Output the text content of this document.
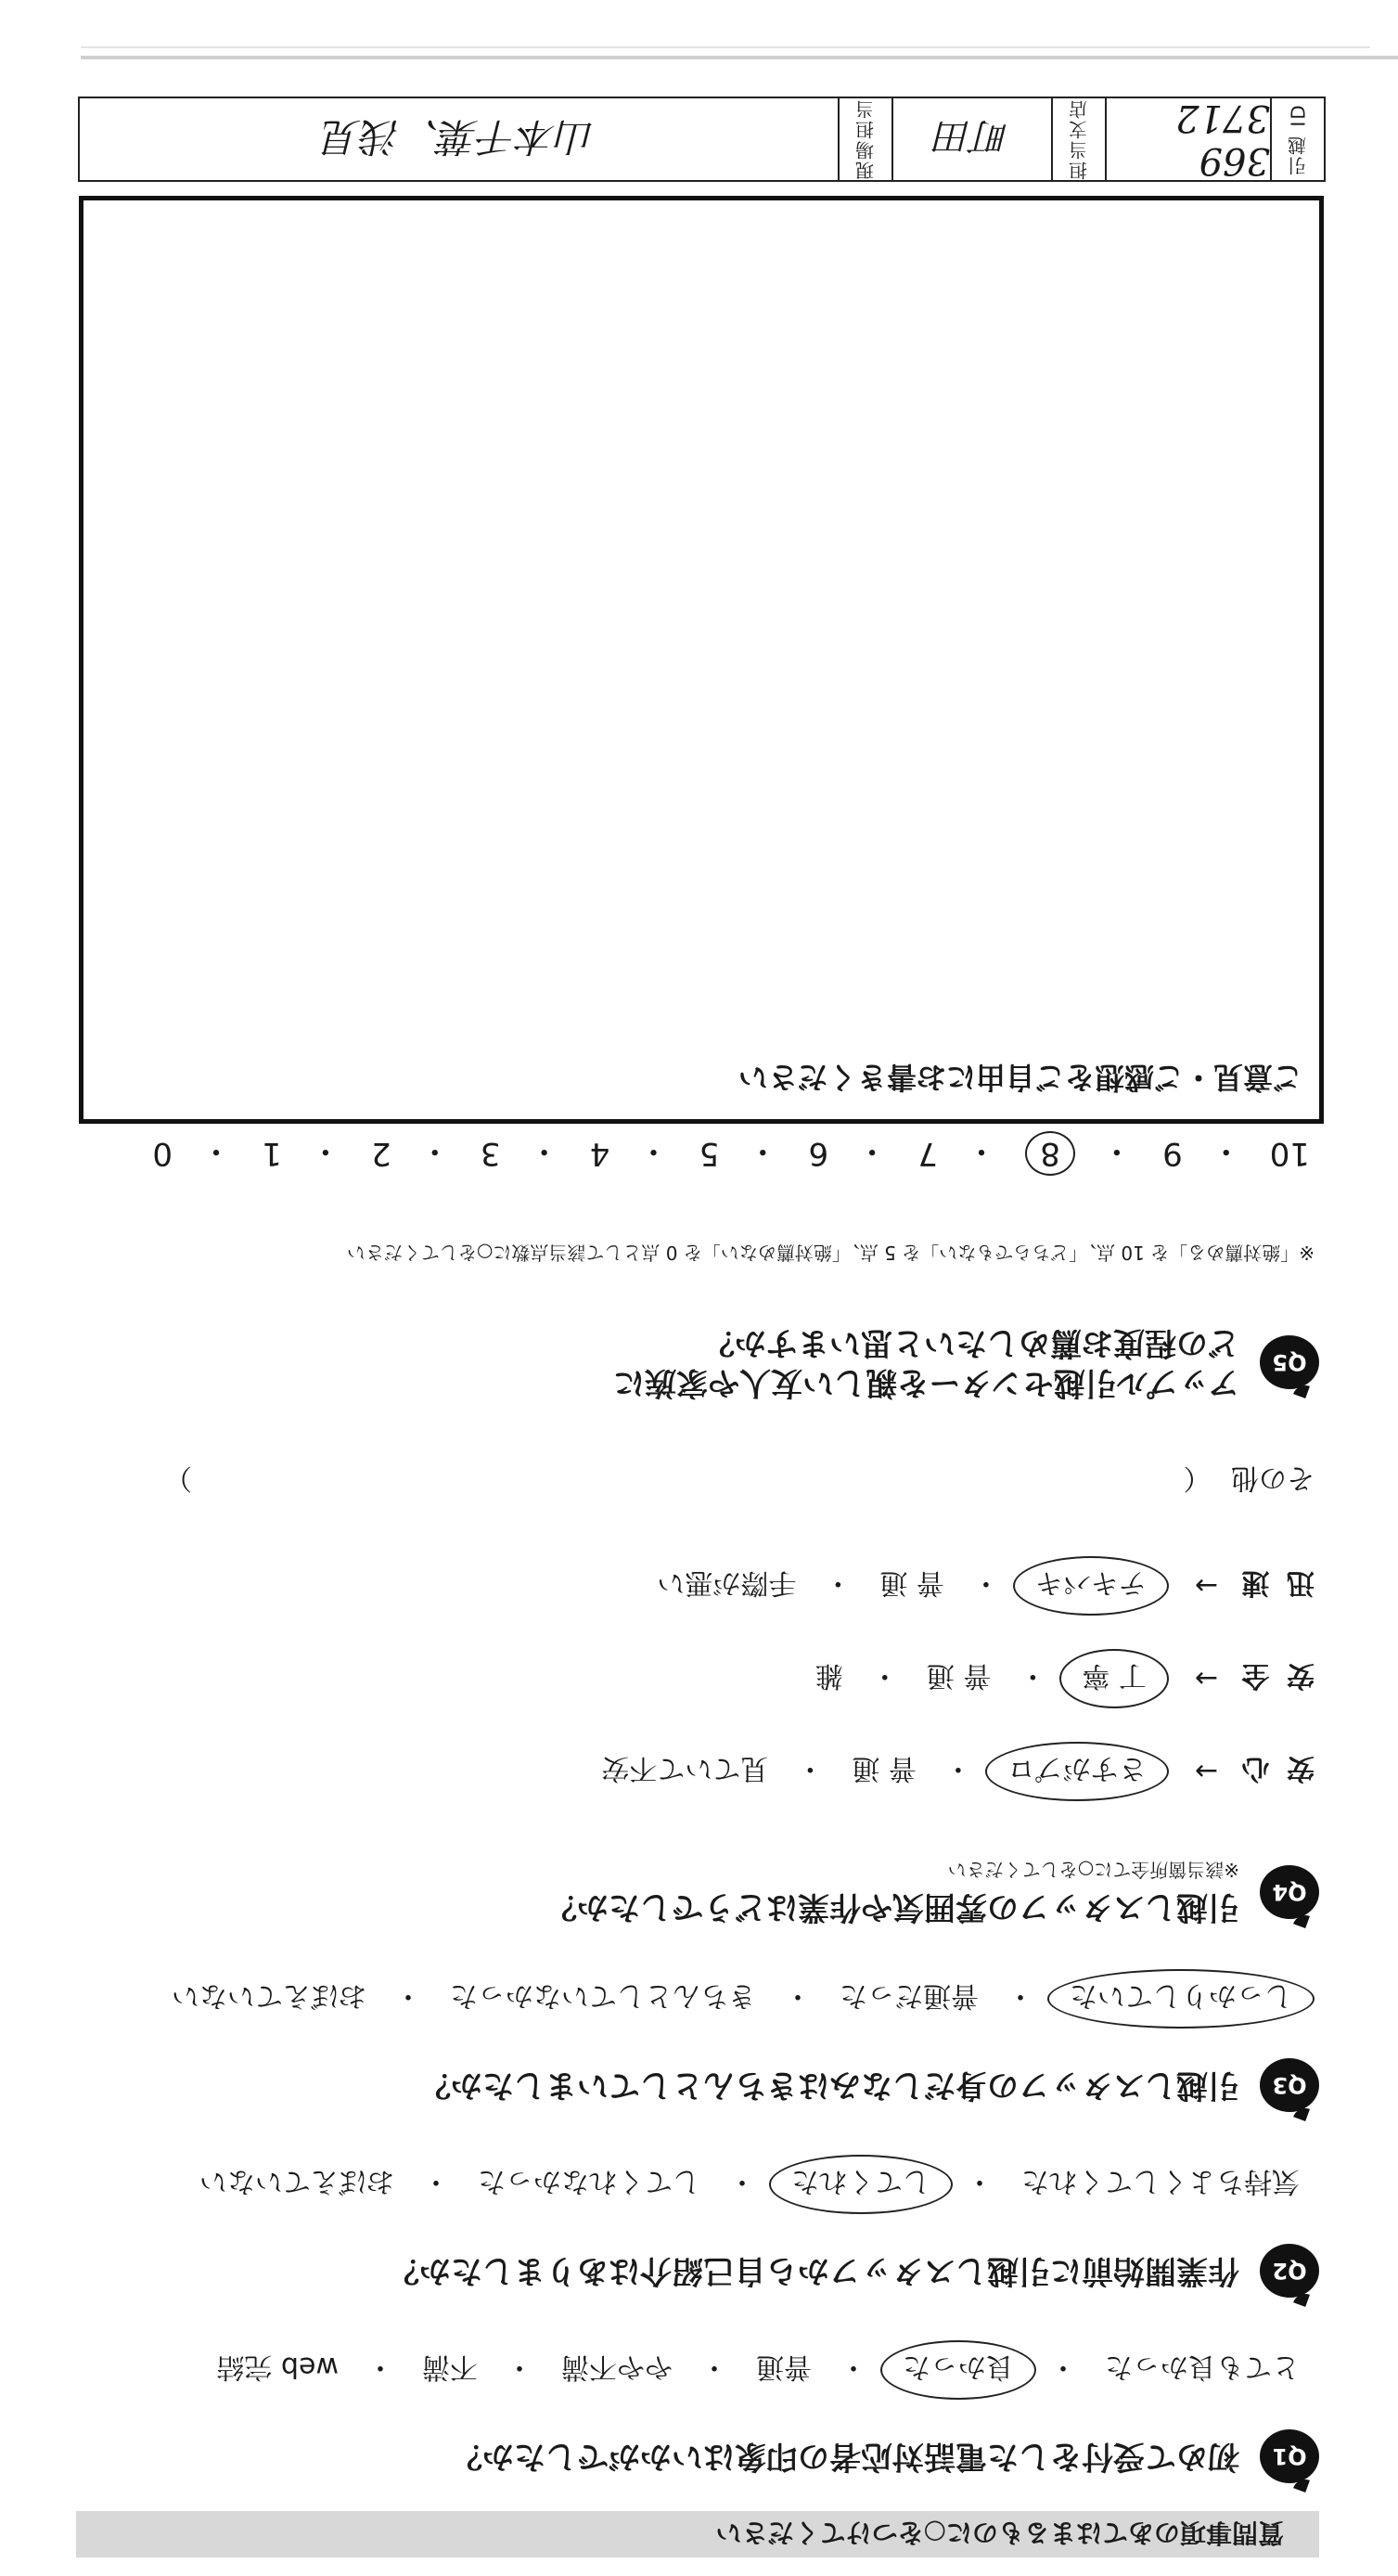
質問事項のあてはまるものに○をつけてください
Q1
初めて受付をした電話対応者の印象はいかがでしたか？
とても良かった
・
良かった
・
普通
・
やや不満
・
不満
・
web 完結
Q2
作業開始前に引越しスタッフから自己紹介はありましたか？
気持ちよくしてくれた
・
してくれた
・
してくれなかった
・
おぼえていない
Q3
引越しスタッフの身だしなみはきちんとしていましたか？
しっかりしていた
・
普通だった
・
きちんとしていなかった
・
おぼえていない
Q4
引越しスタッフの雰囲気や作業はどうでしたか？
※該当箇所全てに○をしてください
安 心
→
さすがプロ
・
普 通
・
見ていて不安
安 全
→
丁 寧
・
普 通
・
雑
迅 速
→
テキパキ
・
普 通
・
手際が悪い
その他 （
）
Q5
アップル引越センターを親しい友人や家族に
どの程度お薦めしたいと思いますか？
※「絶対薦める」を 10 点、「どちらでもない」を 5 点、「絶対薦めない」を 0 点として該当点数に○をしてください
10
・
9
・
8
・
7
・
6
・
5
・
4
・
3
・
2
・
1
・
0
ご意見・ご感想をご自由にお書きください
引越 ID
369 3712
担当支店
町田
現場担当
山本千葉、浅見
